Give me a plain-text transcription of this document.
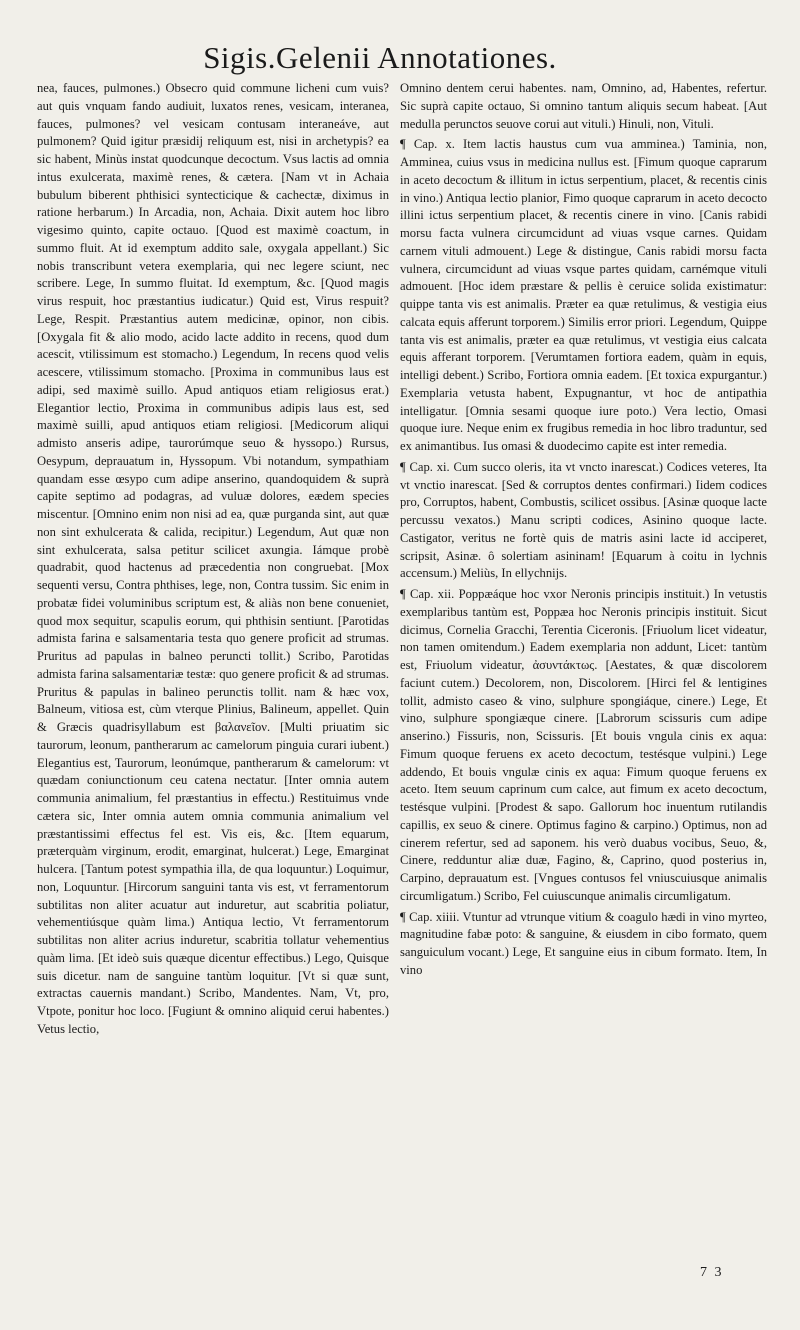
Sigis.Gelenii Annotationes.

nea, fauces, pulmones.) Obsecro quid commune licheni cum vuis? aut quis vnquam fando audiuit, luxatos renes, vesicam, interanea, fauces, pulmones? vel vesicam contusam interaneáve, aut pulmonem? Quid igitur præsidij reliquum est, nisi in archetypis? ea sic habent, Minùs instat quodcunque decoctum. Vsus lactis ad omnia intus exulcerata, maximè renes, & cætera. [Nam vt in Achaia bubulum biberent phthisici syntecticique & cachectæ, diximus in ratione herbarum.) In Arcadia, non, Achaia. Dixit autem hoc libro vigesimo quinto, capite octauo. [Quod est maximè coactum, in summo fluit. At id exemptum addito sale, oxygala appellant.) Sic nobis transcribunt vetera exemplaria, qui nec legere sciunt, nec scribere. Lege, In summo fluitat. Id exemptum, &c. [Quod magis virus respuit, hoc præstantius iudicatur.) Quid est, Virus respuit? Lege, Respit. Præstantius autem medicinæ, opinor, non cibis. [Oxygala fit & alio modo, acido lacte addito in recens, quod dum acescit, vtilissimum est stomacho.) Legendum, In recens quod velis acescere, vtilissimum stomacho. [Proxima in communibus laus est adipi, sed maximè suillo. Apud antiquos etiam religiosus erat.) Elegantior lectio, Proxima in communibus adipis laus est, sed maximè suilli, apud antiquos etiam religiosi. [Medicorum aliqui admisto anseris adipe, taurorúmque seuo & hyssopo.) Rursus, Oesypum, deprauatum in, Hyssopum. Vbi notandum, sympathiam quandam esse œsypo cum adipe anserino, quandoquidem & suprà capite septimo ad podagras, ad vuluæ dolores, eædem species miscentur. [Omnino enim non nisi ad ea, quæ purganda sint, aut quæ non sint exhulcerata & calida, recipitur.) Legendum, Aut quæ non sint exhulcerata, salsa petitur scilicet axungia. Iámque probè quadrabit, quod hactenus ad præcedentia non congruebat. [Mox sequenti versu, Contra phthises, lege, non, Contra tussim. Sic enim in probatæ fidei voluminibus scriptum est, & aliàs non bene conueniet, quod mox sequitur, scapulis eorum, qui phthisin sentiunt. [Parotidas admista farina e salsamentaria testa quo genere proficit ad strumas. Pruritus ad papulas in balneo peruncti tollit.) Scribo, Parotidas admista farina salsamentariæ testæ: quo genere proficit & ad strumas. Pruritus & papulas in balineo perunctis tollit. nam & hæc vox, Balneum, vitiosa est, cùm vterque Plinius, Balineum, appellet. Quin & Græcis quadrisyllabum est βαλανεῖον. [Multi priuatim sic taurorum, leonum, pantherarum ac camelorum pinguia curari iubent.) Elegantius est, Taurorum, leonúmque, pantherarum & camelorum: vt quædam coniunctionum ceu catena nectatur. [Inter omnia autem communia animalium, fel præstantius in effectu.) Restituimus vnde cætera sic, Inter omnia autem omnia communia animalium vel præstantissimi effectus fel est. Vis eis, &c. [Item equarum, præterquàm virginum, erodit, emarginat, hulcerat.) Lege, Emarginat hulcera. [Tantum potest sympathia illa, de qua loquuntur.) Loquimur, non, Loquuntur. [Hircorum sanguini tanta vis est, vt ferramentorum subtilitas non aliter acuatur aut induretur, aut scabritia poliatur, vehementiúsque quàm lima.) Antiqua lectio, Vt ferramentorum subtilitas non aliter acrius induretur, scabritia tollatur vehementius quàm lima. [Et ideò suis quæque dicentur effectibus.) Lego, Quisque suis dicetur. nam de sanguine tantùm loquitur. [Vt si quæ sunt, extractas cauernis mandant.) Scribo, Mandentes. Nam, Vt, pro, Vtpote, ponitur hoc loco. [Fugiunt & omnino aliquid cerui habentes.) Vetus lectio,

Omnino dentem cerui habentes. nam, Omnino, ad, Habentes, refertur. Sic suprà capite octauo, Si omnino tantum aliquis secum habeat. [Aut medulla perunctos seuove corui aut vituli.) Hinuli, non, Vituli.

¶ Cap. x. Item lactis haustus cum vua amminea.) Taminia, non, Amminea, cuius vsus in medicina nullus est. [Fimum quoque caprarum in aceto decoctum & illitum in ictus serpentium, placet, & recentis cinis in vino.) Antiqua lectio planior, Fimo quoque caprarum in aceto decocto illini ictus serpentium placet, & recentis cinere in vino. [Canis rabidi morsu facta vulnera circumcidunt ad viuas vsque carnes. Quidam carnem vituli admouent.) Lege & distingue, Canis rabidi morsu facta vulnera, circumcidunt ad viuas vsque partes quidam, carnémque vituli admouent. [Hoc idem præstare & pellis è ceruice solida existimatur: quippe tanta vis est animalis. Præter ea quæ retulimus, & vestigia eius calcata equis afferunt torporem.) Similis error priori. Legendum, Quippe tanta vis est animalis, præter ea quæ retulimus, vt vestigia eius calcata equis afferant torporem. [Verumtamen fortiora eadem, quàm in equis, intelligi debent.) Scribo, Fortiora omnia eadem. [Et toxica expurgantur.) Exemplaria vetusta habent, Expugnantur, vt hoc de antipathia intelligatur. [Omnia sesami quoque iure poto.) Vera lectio, Omasi quoque iure. Neque enim ex frugibus remedia in hoc libro traduntur, sed ex animantibus. Ius omasi & duodecimo capite est inter remedia.

¶ Cap. xi. Cum succo oleris, ita vt vncto inarescat.) Codices veteres, Ita vt vnctio inarescat. [Sed & corruptos dentes confirmari.) Iidem codices pro, Corruptos, habent, Combustis, scilicet ossibus. [Asinæ quoque lacte percussu vexatos.) Manu scripti codices, Asinino quoque lacte. Castigator, veritus ne fortè quis de matris asini lacte id acciperet, scripsit, Asinæ. ô solertiam asininam! [Equarum à coitu in lychnis accensum.) Meliùs, In ellychnijs.

¶ Cap. xii. Poppæáque hoc vxor Neronis principis instituit.) In vetustis exemplaribus tantùm est, Poppæa hoc Neronis principis instituit. Sicut dicimus, Cornelia Gracchi, Terentia Ciceronis. [Friuolum licet videatur, non tamen omitendum.) Eadem exemplaria non addunt, Licet: tantùm est, Friuolum videatur, ἀσυντάκτως. [Aestates, & quæ discolorem faciunt cutem.) Decolorem, non, Discolorem. [Hirci fel & lentigines tollit, admisto caseo & vino, sulphure spongiáque, cinere.) Lege, Et vino, sulphure spongiæque cinere. [Labrorum scissuris cum adipe anserino.) Fissuris, non, Scissuris. [Et bouis vngula cinis ex aqua: Fimum quoque feruens ex aceto decoctum, testésque vulpini.) Lege addendo, Et bouis vngulæ cinis ex aqua: Fimum quoque feruens ex aceto. Item seuum caprinum cum calce, aut fimum ex aceto decoctum, testésque vulpini. [Prodest & sapo. Gallorum hoc inuentum rutilandis capillis, ex seuo & cinere. Optimus fagino & carpino.) Optimus, non ad cinerem refertur, sed ad saponem. his verò duabus vocibus, Seuo, &, Cinere, redduntur aliæ duæ, Fagino, &, Caprino, quod posterius in, Carpino, deprauatum est. [Vngues contusos fel vniuscuiusque animalis circumligatum.) Scribo, Fel cuiuscunque animalis circumligatum.

¶ Cap. xiiii. Vtuntur ad vtrunque vitium & coagulo hædi in vino myrteo, magnitudine fabæ poto: & sanguine, & eiusdem in cibo formato, quem sanguiculum vocant.) Lege, Et sanguine eius in cibum formato. Item, In vino

7 3
